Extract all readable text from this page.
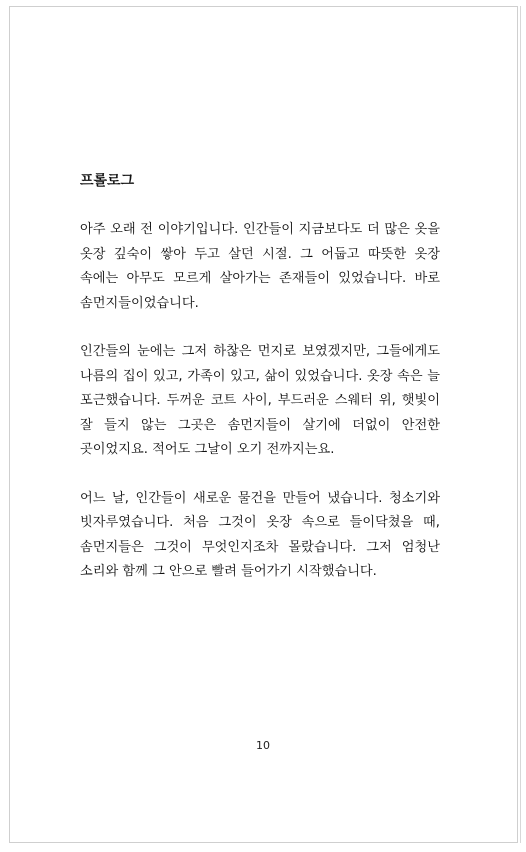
프롤로그

아주 오래 전 이야기입니다. 인간들이 지금보다도 더 많은 옷을 옷장 깊숙이 쌓아 두고 살던 시절. 그 어둡고 따뜻한 옷장 속에는 아무도 모르게 살아가는 존재들이 있었습니다. 바로 솜먼지들이었습니다.

인간들의 눈에는 그저 하찮은 먼지로 보였겠지만, 그들에게도 나름의 집이 있고, 가족이 있고, 삶이 있었습니다. 옷장 속은 늘 포근했습니다. 두꺼운 코트 사이, 부드러운 스웨터 위, 햇빛이 잘 들지 않는 그곳은 솜먼지들이 살기에 더없이 안전한 곳이었지요. 적어도 그날이 오기 전까지는요.

어느 날, 인간들이 새로운 물건을 만들어 냈습니다. 청소기와 빗자루였습니다. 처음 그것이 옷장 속으로 들이닥쳤을 때, 솜먼지들은 그것이 무엇인지조차 몰랐습니다. 그저 엄청난 소리와 함께 그 안으로 빨려 들어가기 시작했습니다.

10
